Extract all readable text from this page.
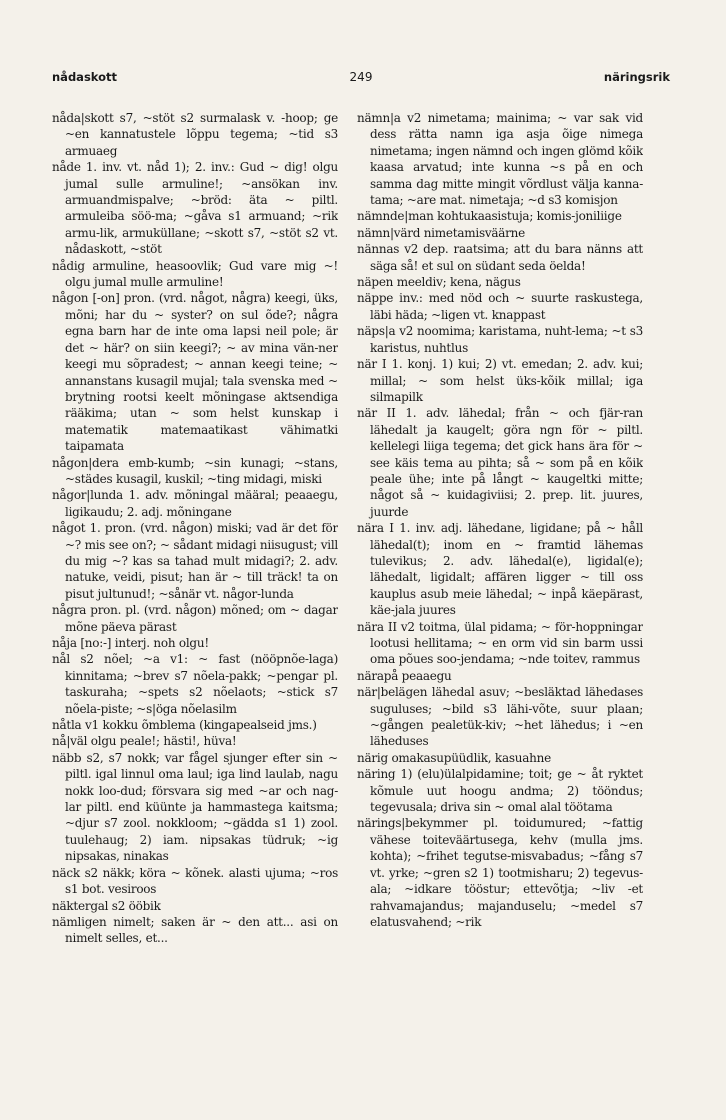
nådaskott	249	näringsrik

nåda|skott s7, ~stöt s2 surmalask v. -hoop; ge ~en kannatustele lõppu tegema; ~tid s3 armuaeg

nåde 1. inv. vt. nåd 1); 2. inv.: Gud ~ dig! olgu jumal sulle armuline!; ~ansökan inv. armuandmispalve; ~bröd: äta ~ piltl. armuleiba söö-ma; ~gåva s1 armuand; ~rik armu-lik, armuküllane; ~skott s7, ~stöt s2 vt. nådaskott, ~stöt

nådig armuline, heasoovlik; Gud vare mig ~! olgu jumal mulle armuline!

någon [-on] pron. (vrd. något, några) keegi, üks, mõni; har du ~ syster? on sul õde?; några egna barn har de inte oma lapsi neil pole; är det ~ här? on siin keegi?; ~ av mina vän-ner keegi mu sõpradest; ~ annan keegi teine; ~ annanstans kusagil mujal; tala svenska med ~ brytning rootsi keelt mõningase aktsendiga rääkima; utan ~ som helst kunskap i matematik matemaatikast vähimatki taipamata

någon|dera emb-kumb; ~sin kunagi; ~stans, ~städes kusagil, kuskil; ~ting midagi, miski

någor|lunda 1. adv. mõningal määral; peaaegu, ligikaudu; 2. adj. mõningane

något 1. pron. (vrd. någon) miski; vad är det för ~? mis see on?; ~ sådant midagi niisugust; vill du mig ~? kas sa tahad mult midagi?; 2. adv. natuke, veidi, pisut; han är ~ till träck! ta on pisut jultunud!; ~sånär vt. någor-lunda

några pron. pl. (vrd. någon) mõned; om ~ dagar mõne päeva pärast

nåja [no:-] interj. noh olgu!

nål s2 nõel; ~a v1: ~ fast (nööpnõe-laga) kinnitama; ~brev s7 nõela-pakk; ~pengar pl. taskuraha; ~spets s2 nõelaots; ~stick s7 nõela-piste; ~s|öga nõelasilm

nåtla v1 kokku õmblema (kingapealseid jms.)

nå|väl olgu peale!; hästi!, hüva!

näbb s2, s7 nokk; var fågel sjunger efter sin ~ piltl. igal linnul oma laul; iga lind laulab, nagu nokk loo-dud; försvara sig med ~ar och nag-lar piltl. end küünte ja hammastega kaitsma; ~djur s7 zool. nokkloom; ~gädda s1 1) zool. tuulehaug; 2) iam. nipsakas tüdruk; ~ig nipsakas, ninakas

näck s2 näkk; köra ~ kõnek. alasti ujuma; ~ros s1 bot. vesiroos

näktergal s2 ööbik

nämligen nimelt; saken är ~ den att... asi on nimelt selles, et...

nämn|a v2 nimetama; mainima; ~ var sak vid dess rätta namn iga asja õige nimega nimetama; ingen nämnd och ingen glömd kõik kaasa arvatud; inte kunna ~s på en och samma dag mitte mingit võrdlust välja kanna-tama; ~are mat. nimetaja; ~d s3 komisjon

nämnde|man kohtukaasistuja; komis-joniliige

nämn|värd nimetamisväärne

nännas v2 dep. raatsima; att du bara nänns att säga så! et sul on südant seda öelda!

näpen meeldiv; kena, nägus

näppe inv.: med nöd och ~ suurte raskustega, läbi häda; ~ligen vt. knappast

näps|a v2 noomima; karistama, nuht-lema; ~t s3 karistus, nuhtlus

när I 1. konj. 1) kui; 2) vt. emedan; 2. adv. kui; millal; ~ som helst üks-kõik millal; iga silmapilk

när II 1. adv. lähedal; från ~ och fjär-ran lähedalt ja kaugelt; göra ngn för ~ piltl. kellelegi liiga tegema; det gick hans ära för ~ see käis tema au pihta; så ~ som på en kõik peale ühe; inte på långt ~ kaugeltki mitte; något så ~ kuidagiviisi; 2. prep. lit. juures, juurde

nära I 1. inv. adj. lähedane, ligidane; på ~ håll lähedal(t); inom en ~ framtid lähemas tulevikus; 2. adv. lähedal(e), ligidal(e); lähedalt, ligidalt; affären ligger ~ till oss kauplus asub meie lähedal; ~ inpå käepärast, käe-jala juures

nära II v2 toitma, ülal pidama; ~ för-hoppningar lootusi hellitama; ~ en orm vid sin barm ussi oma põues soo-jendama; ~nde toitev, rammus

närapå peaaegu

när|belägen lähedal asuv; ~besläktad lähedases suguluses; ~bild s3 lähi-võte, suur plaan; ~gången pealetük-kiv; ~het lähedus; i ~en läheduses

närig omakasupüüdlik, kasuahne

näring 1) (elu)ülalpidamine; toit; ge ~ åt ryktet kõmule uut hoogu andma; 2) tööndus; tegevusala; driva sin ~ omal alal töötama

närings|bekymmer pl. toidumured; ~fattig vähese toiteväärtusega, kehv (mulla jms. kohta); ~frihet tegutse-misvabadus; ~fång s7 vt. yrke; ~gren s2 1) tootmisharu; 2) tegevus-ala; ~idkare tööstur; ettevõtja; ~liv -et rahvamajandus; majanduselu; ~medel s7 elatusvahend; ~rik
